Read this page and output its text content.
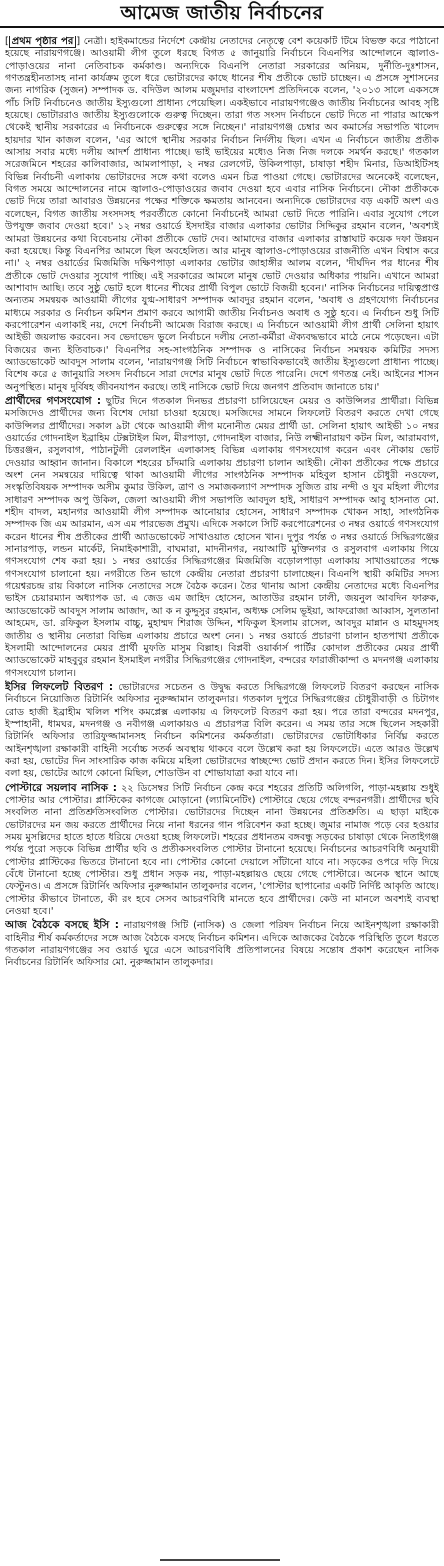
আমেজ জাতীয় নির্বাচনের

[ প্রথম পৃষ্ঠার পর ] নেত্রী। হাইকমান্ডের নির্দেশে কেন্দ্রীয় নেতাদের নেতৃত্বে বেশ কয়েকটি টিমে বিভক্ত করে পাঠানো হয়েছে নারায়ণগঞ্জে। আওয়ামী লীগ তুলে ধরছে বিগত ৫ জানুয়ারি নির্বাচনে বিএনপির আন্দোলনে জ্বালাও-পোড়াওয়ের নানা নেতিবাচক কর্মকাণ্ড। অন্যদিকে বিএনপি নেতারা সরকারের অনিয়ম, দুর্নীতি-দুঃশাসন, গণতন্ত্রহীনতাসহ নানা কার্যক্রম তুলে ধরে ভোটারদের কাছে ধানের শীষ প্রতীকে ভোট চাচ্ছেন। এ প্রসঙ্গে সুশাসনের জন্য নাগরিক (সুজন) সম্পাদক ড. বদিউল আলম মজুমদার বাংলাদেশ প্রতিদিনকে বলেন, '২০১৩ সালে একসঙ্গে পাঁচ সিটি নির্বাচনেও জাতীয় ইস্যুগুলো প্রাধান্য পেয়েছিল। একইভাবে নারায়ণগঞ্জেও জাতীয় নির্বাচনের আবহ সৃষ্টি হয়েছে। ভোটাররাও জাতীয় ইস্যুগুলোকে গুরুত্ব দিচ্ছেন। তারা গত সংসদ নির্বাচনে ভোট দিতে না পারার আক্ষেপ থেকেই স্থানীয় সরকারের এ নির্বাচনকে গুরুত্বের সঙ্গে নিচ্ছেন।' নারায়ণগঞ্জ চেম্বার অব কমার্সের সভাপতি খালেদ হায়দার খান কাজল বলেন, 'এর আগে স্থানীয় সরকার নির্বাচন নির্দলীয় ছিল। এখন এ নির্বাচনে জাতীয় প্রতীক আসায় সবার মধ্যে দলীয় আদর্শ প্রাধান্য পাচ্ছে। ভাই ভাইয়ের মধ্যেও নিজ নিজ দলকে সমর্থন করছে।' গতকাল সরেজমিনে শহরের কালিবাজার, আমলাপাড়া, ২ নম্বর রেলগেট, উকিলপাড়া, চাষাড়া শহীদ মিনার, ডিআইটিসহ বিভিন্ন নির্বাচনী এলাকায় ভোটারদের সঙ্গে কথা বলেও এমন চিত্র পাওয়া গেছে। ভোটারদের অনেকেই বলেছেন, বিগত সময়ে আন্দোলনের নামে জ্বালাও-পোড়াওয়ের জবাব দেওয়া হবে এবার নাসিক নির্বাচনে। নৌকা প্রতীককে ভোট দিয়ে তারা আবারও উন্নয়নের পক্ষের শক্তিকে ক্ষমতায় আনবেন। অন্যদিকে ভোটারদের বড় একটি অংশ এও বলেছেন, বিগত জাতীয় সংসদসহ পরবর্তীতে কোনো নির্বাচনেই আমরা ভোট দিতে পারিনি। এবার সুযোগ পেলে উপযুক্ত জবাব দেওয়া হবে।' ১২ নম্বর ওয়ার্ডে ইসদাইর বাজার এলাকার ভোটার সিদ্দিকুর রহমান বলেন, 'অবশ্যই আমরা উন্নয়নের কথা বিবেচনায় নৌকা প্রতীকে ভোট দেব। আমাদের বাজার এলাকার রাস্তাঘাট কয়েক দফা উন্নয়ন করা হয়েছে। কিন্তু বিএনপির আমলে ছিল অবহেলিত। আর মানুষ জ্বালাও-পোড়াওয়ের রাজনীতি এখন বিশ্বাস করে না।' ২ নম্বর ওয়ার্ডের মিজমিজি দক্ষিণপাড়া এলাকার ভোটার জাহাঙ্গীর আলম বলেন, 'দীর্ঘদিন পর ধানের শীষ প্রতীকে ভোট দেওয়ার সুযোগ পাচ্ছি। এই সরকারের আমলে মানুষ ভোট দেওয়ার অধিকার পায়নি। এখানে আমরা আশাবাদ আছি। তবে সুষ্ঠু ভোট হলে ধানের শীষের প্রার্থী বিপুল ভোটে বিজয়ী হবেন।' নাসিক নির্বাচনের দায়িত্বপ্রাপ্ত অন্যতম সমন্বয়ক আওয়ামী লীগের যুগ্ম-সাধারণ সম্পাদক আবদুর রহমান বলেন, 'অবাধ ও গ্রহণযোগ্য নির্বাচনের মাধ্যমে সরকার ও নির্বাচন কমিশন প্রমাণ করবে আগামী জাতীয় নির্বাচনও অবাধ ও সুষ্ঠু হবে। এ নির্বাচন শুধু সিটি করপোরেশন এলাকাই নয়, দেশে নির্বাচনী আমেজ বিরাজ করছে। এ নির্বাচনে আওয়ামী লীগ প্রার্থী সেলিনা হায়াৎ আইভী জয়লাভ করবেন। সব ভেদাভেদ ভুলে নির্বাচনে দলীয় নেতা-কর্মীরা ঐক্যবদ্ধভাবে মাঠে নেমে পড়েছেন। এটা বিজয়ের জন্য ইতিবাচক।' বিএনপির সহ-সাংগঠনিক সম্পাদক ও নাসিকের নির্বাচন সমন্বয়ক কমিটির সদস্য অ্যাডভোকেট আবদুস সালাম বলেন, 'নারায়ণগঞ্জ সিটি নির্বাচনে স্বাভাবিকভাবেই জাতীয় ইস্যুগুলো প্রাধান্য পাচ্ছে। বিশেষ করে ৫ জানুয়ারি সংসদ নির্বাচনে সারা দেশের মানুষ ভোট দিতে পারেনি। দেশে গণতন্ত্র নেই। আইনের শাসন অনুপস্থিত। মানুষ দুর্বিষহ জীবনযাপন করছে। তাই নাসিকে ভোট দিয়ে জনগণ প্রতিবাদ জানাতে চায়।'

প্রার্থীদের গণসংযোগ : ছুটির দিনে গতকাল দিনভর প্রচারণা চালিয়েছেন মেয়র ও কাউন্সিলর প্রার্থীরা। বিভিন্ন মসজিদেও প্রার্থীদের জন্য বিশেষ দোয়া চাওয়া হয়েছে। মসজিদের সামনে লিফলেট বিতরণ করতে দেখা গেছে কাউন্সিলর প্রার্থীদের। সকাল ৯টা থেকে আওয়ামী লীগ মনোনীত মেয়র প্রার্থী ডা. সেলিনা হায়াৎ আইভী ১০ নম্বর ওয়ার্ডের গোদনাইল ইব্রাহিম টেক্সটাইল মিল, মীরপাড়া, গোদনাইল বাজার, নিউ লক্ষ্মীনারায়ণ কটন মিল, আরামবাগ, চিত্তরঞ্জন, রসুলবাগ, পাঠানটুলী রেললাইন এলাকাসহ বিভিন্ন এলাকায় গণসংযোগ করেন এবং নৌকায় ভোট দেওয়ার আহ্বান জানান। বিকালে শহরের চাঁদমারি এলাকায় প্রচারণা চালান আইভী। নৌকা প্রতীকের পক্ষে প্রচারে অংশ নেন সমন্বয়ের দায়িত্বে থাকা আওয়ামী লীগের সাংগঠনিক সম্পাদক মহিবুল হাসান চৌধুরী নওফেল, সংস্কৃতিবিষয়ক সম্পাদক অসীম কুমার উকিল, ত্রাণ ও সমাজকল্যাণ সম্পাদক সুজিত রায় নন্দী ও যুব মহিলা লীগের সাধারণ সম্পাদক অপু উকিল, জেলা আওয়ামী লীগ সভাপতি আবদুল হাই, সাধারণ সম্পাদক আবু হাসনাত মো. শহীদ বাদল, মহানগর আওয়ামী লীগ সম্পাদক আনোয়ার হোসেন, সাধারণ সম্পাদক খোকন সাহা, সাংগঠনিক সম্পাদক জি এম আরমান, এস এম পারভেজ প্রমুখ। এদিকে সকালে সিটি করপোরেশনের ৩ নম্বর ওয়ার্ডে গণসংযোগ করেন ধানের শীষ প্রতীকের প্রার্থী অ্যাডভোকেট সাখাওয়াত হোসেন খান। দুপুর পর্যন্ত ৩ নম্বর ওয়ার্ডে সিদ্ধিরগঞ্জের সানারপাড়, লন্ডন মার্কেট, নিমাইকাশারী, বাঘমারা, মাদনীনগর, নয়াআটি মুক্তিনগর ও রসুলবাগ এলাকায় গিয়ে গণসংযোগ শেষ করা হয়। ১ নম্বর ওয়ার্ডের সিদ্ধিরগঞ্জের মিজমিজি বড়োলপাড়া এলাকায় সাখাওয়াতের পক্ষে গণসংযোগ চালানো হয়। নগরীতে তিন ভাগে কেন্দ্রীয় নেতারা প্রচারণা চালাচ্ছেন। বিএনপি স্থায়ী কমিটির সদস্য গয়েশ্বরচন্দ্র রায় বিকালে নাসিক নেতাদের সঙ্গে বৈঠক করেন। তৈর থানায় আসা কেন্দ্রীয় নেতাদের মধ্যে বিএনপির ভাইস চেয়ারম্যান অধ্যাপক ডা. এ জেড এম জাহিদ হোসেন, আতাউর রহমান ঢালী, জয়নুল আবদিন ফারুক, অ্যাডভোকেট আবদুস সালাম আজাদ, আ ক ন কুদ্দুসুর রহমান, অধ্যক্ষ সেলিম ভূইয়া, আফরোজা আব্বাস, সুলতানা আহমেদ, ডা. রফিকুল ইসলাম বাচ্চু, মুহাম্মদ শিরাজ উদ্দিন, শফিকুল ইসলাম রাসেল, আবদুর মান্নান ও মাহমুদসহ জাতীয় ও স্থানীয় নেতারা বিভিন্ন এলাকায় প্রচারে অংশ নেন। ১ নম্বর ওয়ার্ডে প্রচারণা চালান হাতপাখা প্রতীকে ইসলামী আন্দোলনের মেয়র প্রার্থী মুফতি মাসুম বিল্লাহ। বিপ্লবী ওয়ার্কার্স পার্টির কোদাল প্রতীকের মেয়র প্রার্থী অ্যাডভোকেট মাহবুবুর রহমান ইসমাইল নগরীর সিদ্ধিরগঞ্জের গোদনাইল, বন্দরের ফারাজীকান্দা ও মদনগঞ্জ এলাকায় গণসংযোগ চালান।

ইসির লিফলেট বিতরণ : ভোটারদের সচেতন ও উদ্বুদ্ধ করতে সিদ্ধিরগঞ্জে লিফলেট বিতরণ করছেন নাসিক নির্বাচনে নিয়োজিত রিটার্নিং অফিসার নুরুজ্জামান তালুকদার। গতকাল দুপুরে সিদ্ধিরগঞ্জের চৌধুরীবাড়ী ও চিটাগং রোড হাজী ইব্রাহীম খলিল শপিং কমপ্লেক্স এলাকায় এ লিফলেট বিতরণ করা হয়। পরে তারা বন্দরের মদনপুর, ইস্পাহানী, ধামঘর, মদনগঞ্জ ও নবীগঞ্জ এলাকায়ও এ প্রচারপত্র বিলি করেন। এ সময় তার সঙ্গে ছিলেন সহকারী রিটার্নিং অফিসার তারিফুজ্জামানসহ নির্বাচন কমিশনের কর্মকর্তারা। ভোটারদের ভোটাধিকার নির্বিঘ্ন করতে আইনশৃঙ্খলা রক্ষাকারী বাহিনী সর্বোচ্চ সতর্ক অবস্থায় থাকবে বলে উল্লেখ করা হয় লিফলেটে। এতে আরও উল্লেখ করা হয়, ভোটের দিন সাংসারিক কাজ কমিয়ে মহিলা ভোটারদের স্বাচ্ছন্দ্যে ভোট প্রদান করতে দিন। ইসির লিফলেটে বলা হয়, ভোটের আগে কোনো মিছিল, শোডাউন বা শোভাযাত্রা করা যাবে না।

পোস্টারে সয়লাব নাসিক : ২২ ডিসেম্বর সিটি নির্বাচন কেন্দ্র করে শহরের প্রতিটি অলিগলি, পাড়া-মহল্লায় শুধুই পোস্টার আর পোস্টার। প্লাস্টিকের কাগজে মোড়ানো (ল্যামিনেটিং) পোস্টারে ছেয়ে গেছে বন্দরনগরী। প্রার্থীদের ছবি সংবলিত নানা প্রতিশ্রুতিসংবলিত পোস্টার। ভোটারদের দিচ্ছেন নানা উন্নয়নের প্রতিশ্রুতি। এ ছাড়া মাইকে ভোটারদের মন জয় করতে প্রার্থীদের নিয়ে নানা ধরনের গান পরিবেশন করা হচ্ছে। জুমার নামাজ পড়ে বের হওয়ার সময় মুসল্লিদের হাতে হাতে ধরিয়ে দেওয়া হচ্ছে লিফলেট। শহরের প্রধানতম বঙ্গবন্ধু সড়কের চাষাড়া থেকে নিতাইগঞ্জ পর্যন্ত পুরো সড়কে বিভিন্ন প্রার্থীর ছবি ও প্রতীকসংবলিত পোস্টার টানানো হয়েছে। নির্বাচনের আচরণবিধি অনুযায়ী পোস্টার প্লাস্টিকের ভিতরে টানানো হবে না। পোস্টার কোনো দেয়ালে সাঁটানো যাবে না। সড়কের ওপরে দড়ি দিয়ে বেঁধে টানানো হচ্ছে পোস্টার। শুধু প্রধান সড়ক নয়, পাড়া-মহল্লায়ও ছেয়ে গেছে পোস্টারে। অনেক স্থানে আছে ফেস্টুনও। এ প্রসঙ্গে রিটার্নিং অফিসার নুরুজ্জামান তালুকদার বলেন, 'পোস্টার ছাপানোর একটি নির্দিষ্ট আকৃতি আছে। পোস্টার কীভাবে টানাতে, কী রং হবে সেসব আচরণবিধি মানতে হবে প্রার্থীদের। কেউ না মানলে অবশ্যই ব্যবস্থা নেওয়া হবে।'

আজ বৈঠকে বসছে ইসি : নারায়ণগঞ্জ সিটি (নাসিক) ও জেলা পরিষদ নির্বাচন নিয়ে আইনশৃঙ্খলা রক্ষাকারী বাহিনীর শীর্ষ কর্মকর্তাদের সঙ্গে আজ বৈঠকে বসছে নির্বাচন কমিশন। এদিকে আজকের বৈঠকে পরিস্থিতি তুলে ধরতে গতকাল নারায়ণগঞ্জের সব ওয়ার্ড ঘুরে এসে আচরণবিধি প্রতিপালনের বিষয়ে সন্তোষ প্রকাশ করেছেন নাসিক নির্বাচনের রিটার্নিং অফিসার মো. নুরুজ্জামান তালুকদার।
